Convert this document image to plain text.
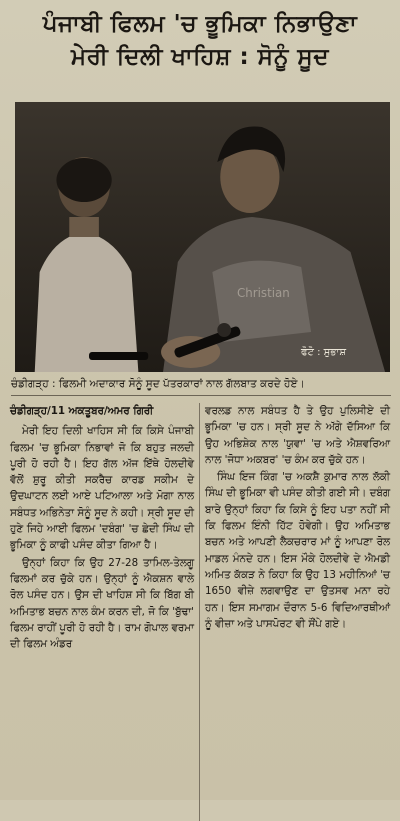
ਪੰਜਾਬੀ ਫਿਲਮ 'ਚ ਭੂਮਿਕਾ ਨਿਭਾਉਣਾ
ਮੇਰੀ ਦਿਲੀ ਖਾਹਿਸ਼ : ਸੋਨੂੰ ਸੂਦ
Christian
ਫੋਟੋ : ਸੁਭਾਸ਼
ਚੰਡੀਗੜ੍ਹ : ਫਿਲਮੀ ਅਦਾਕਾਰ ਸੋਨੂੰ ਸੂਦ ਪੱਤਰਕਾਰਾਂ ਨਾਲ ਗੱਲਬਾਤ ਕਰਦੇ ਹੋਏ।
ਚੰਡੀਗੜ੍ਹ/11 ਅਕਤੂਬਰ/ਅਮਰ ਗਿਰੀ

ਮੇਰੀ ਇਹ ਦਿਲੀ ਖਾਹਿਸ ਸੀ ਕਿ ਕਿਸੇ ਪੰਜਾਬੀ ਫਿਲਮ 'ਚ ਭੂਮਿਕਾ ਨਿਭਾਵਾਂ ਜੋ ਕਿ ਬਹੁਤ ਜਲਦੀ ਪੂਰੀ ਹੋ ਰਹੀ ਹੈ। ਇਹ ਗੱਲ ਅੱਜ ਇੱਥੇ ਹੋਲਦੀਵੇ ਵੱਲੋਂ ਸ਼ੁਰੂ ਕੀਤੀ ਸਕਰੈਚ ਕਾਰਡ ਸਕੀਮ ਦੇ ਉਦਘਾਟਨ ਲਈ ਆਏ ਪਟਿਆਲਾ ਅਤੇ ਮੋਗਾ ਨਾਲ ਸਬੰਧਤ ਅਭਿਨੇਤਾ ਸੋਨੂੰ ਸੂਦ ਨੇ ਕਹੀ। ਸ੍ਰੀ ਸੂਦ ਦੀ ਹੁਣੇ ਜਿਹੇ ਆਈ ਫਿਲਮ 'ਦਬੰਗ' 'ਚ ਛੇਦੀ ਸਿੰਘ ਦੀ ਭੂਮਿਕਾ ਨੂੰ ਕਾਫੀ ਪਸੰਦ ਕੀਤਾ ਗਿਆ ਹੈ।

ਉਨ੍ਹਾਂ ਕਿਹਾ ਕਿ ਉਹ 27-28 ਤਾਮਿਲ-ਤੇਲਗੂ ਫਿਲਮਾਂ ਕਰ ਚੁੱਕੇ ਹਨ। ਉਨ੍ਹਾਂ ਨੂੰ ਐਕਸ਼ਨ ਵਾਲੇ ਰੋਲ ਪਸੰਦ ਹਨ। ਉਸ ਦੀ ਖਾਹਿਸ਼ ਸੀ ਕਿ ਬਿੱਗ ਬੀ ਅਮਿਤਾਭ ਬਚਨ ਨਾਲ ਕੰਮ ਕਰਨ ਦੀ, ਜੋ ਕਿ 'ਬੁੱਢਾ' ਫਿਲਮ ਰਾਹੀਂ ਪੂਰੀ ਹੋ ਰਹੀ ਹੈ। ਰਾਮ ਗੋਪਾਲ ਵਰਮਾ ਦੀ ਫਿਲਮ ਅੰਡਰ

ਵਰਲਡ ਨਾਲ ਸਬੰਧਤ ਹੈ ਤੇ ਉਹ ਪੁਲਿਸੀਏ ਦੀ ਭੂਮਿਕਾ 'ਚ ਹਨ। ਸ੍ਰੀ ਸੂਦ ਨੇ ਅੱਗੇ ਦੱਸਿਆ ਕਿ ਉਹ ਅਭਿਸ਼ੇਕ ਨਾਲ 'ਯੁਵਾ' 'ਚ ਅਤੇ ਐਸ਼ਵਰਿਆ ਨਾਲ 'ਜੋਧਾ ਅਕਬਰ' 'ਚ ਕੰਮ ਕਰ ਚੁੱਕੇ ਹਨ।

ਸਿੰਘ ਇਜ ਕਿੰਗ 'ਚ ਅਕਸ਼ੈ ਕੁਮਾਰ ਨਾਲ ਲੱਕੀ ਸਿੰਘ ਦੀ ਭੂਮਿਕਾ ਵੀ ਪਸੰਦ ਕੀਤੀ ਗਈ ਸੀ। ਦਬੰਗ ਬਾਰੇ ਉਨ੍ਹਾਂ ਕਿਹਾ ਕਿ ਕਿਸੇ ਨੂੰ ਇਹ ਪਤਾ ਨਹੀਂ ਸੀ ਕਿ ਫਿਲਮ ਇੰਨੀ ਹਿੱਟ ਹੋਵੇਗੀ। ਉਹ ਅਮਿਤਾਭ ਬਚਨ ਅਤੇ ਆਪਣੀ ਲੈਕਚਰਾਰ ਮਾਂ ਨੂੰ ਆਪਣਾ ਰੋਲ ਮਾਡਲ ਮੰਨਦੇ ਹਨ। ਇਸ ਮੌਕੇ ਹੋਲਦੀਵੇ ਦੇ ਐਮਡੀ ਅਮਿਤ ਕੱਕੜ ਨੇ ਕਿਹਾ ਕਿ ਉਹ 13 ਮਹੀਨਿਆਂ 'ਚ 1650 ਵੀਜ਼ੇ ਲਗਵਾਉਣ ਦਾ ਉਤਸਵ ਮਨਾ ਰਹੇ ਹਨ। ਇਸ ਸਮਾਗਮ ਦੌਰਾਨ 5-6 ਵਿਦਿਆਰਥੀਆਂ ਨੂੰ ਵੀਜ਼ਾ ਅਤੇ ਪਾਸਪੋਰਟ ਵੀ ਸੌਂਪੇ ਗਏ।
